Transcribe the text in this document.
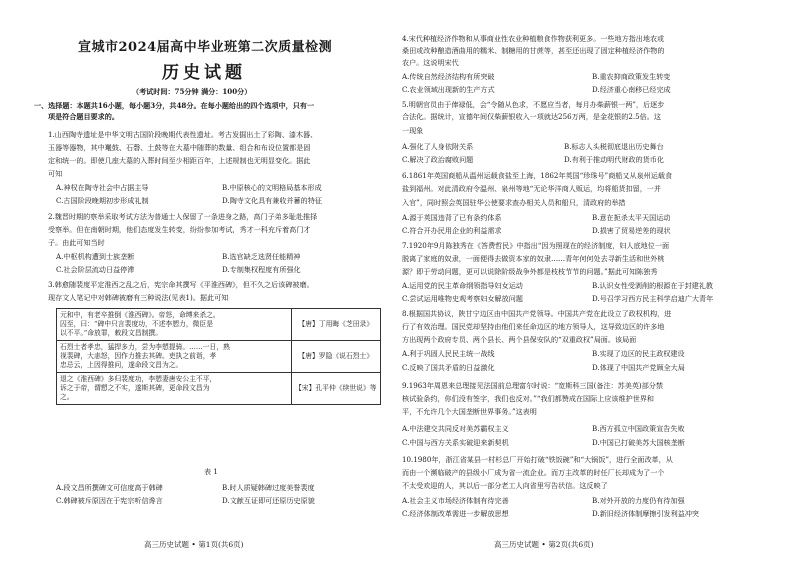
宣城市2024届高中毕业班第二次质量检测
历史试题
（考试时间：75分钟 满分：100分）
一、选择题：本题共16小题，每小题3分，共48分。在每小题给出的四个选项中，只有一
项是符合题目要求的。
1.山西陶寺遗址是中华文明古国阶段晚期代表性遗址。考古发掘出土了彩陶、漆木器、
玉器等器物，其中鼍鼓、石磬、土鼓等在大墓中随葬的数量、组合和布设位置都是固
定和统一的。即使几座大墓的入葬时间至少相距百年，上述规制也无明显变化。据此
可知
A.神权在陶寺社会中占据主导	B.中原核心的文明格局基本形成
C.古国阶段晚期初步形成礼制	D.陶寺文化具有兼收并蓄的特征
2.魏晋时期的察举采取考试方法为普通士人保留了一条进身之路，高门子弟多耻赴推择
受察举。但在南朝时期，他们态度发生转变，纷纷参加考试，秀才一科充斥着高门才
子。由此可知当时
A.中枢机构遭到士族垄断	B.选官缺乏选贤任能精神
C.社会阶层流动日益停滞	D.专制集权程度有所强化
3.韩愈随裴度平定淮西之乱之后，宪宗命其撰写《平淮西碑》，但不久之后该碑被磨。
现存文人笔记中对韩碑被磨有三种说法(见表1)。据此可知
元和中，有老卒推倒《淮西碑》。帝怒，命缚来杀之。
囚至，曰：“碑中只言裴度功，不述李愬力，微臣是
以不平。”命放罪，敕段文昌制撰。	【唐】丁用晦《芝田录》

石烈士者孝忠，猛捍多力，尝为李愬提骑。……一日，熟
视裴碑，大恚怒，因作力推去其碑。吏执之前诣，孝
忠忌云，上因得推问，遂命段文昌为之。	【唐】罗隐《说石烈士》

退之《淮西碑》多归裴度功，李愬妻唐安公主不平，
诉之于帝，谓愬之不实，遂斯其碑，更命段文昌为
之。	【宋】孔平仲《续世说》等
表 1
A.段文昌所撰碑文可信度高于韩碑	B.时人质疑韩碑过度美誉裴度
C.韩碑被斥原因在于宪宗听信谗言	D.文献互证即可还原历史原貌
高三历史试题 • 第1页(共6页)
4.宋代种植经济作物和从事商业性农业种植粮食作物获利更多。一些地方指出地农或
桑田或改种酿造酒曲用的糯米、制糖用的甘蔗等，甚至还出现了固定种植经济作物的
农户。这说明宋代
A.传统自然经济结构有所突破	B.重农抑商政策发生转变
C.农业领域出现新的生产方式	D.经济重心南移已经完成
5.明朝官员由于俸禄低，会“令随从色求，不愿应当者，每月办柴薪银一两”，后逐步
合法化。据统计，宣德年间仅柴薪银收入一项就达256万两，是金花银的2.5倍。这
一现象
A.强化了人身依附关系	B.标志人头税彻底退出历史舞台
C.解决了政治腐败问题	D.有利于推动明代财政的货币化
6.1861年英国商船从温州运载食盐至上海，1862年英国“珍珠号”商船又从泉州运载食
盐到福州。对此清政府令温州、泉州等地“无论华洋商人贩运，均将船货扣留，一并
入官”，同时照会英国驻华公使要求查办相关人员和船只，清政府的举措
A.源于英国违背了已有条约体系	B.意在扼杀太平天国运动
C.符合开办民用企业的利益需求	D.损害了贸易逆差的现状
7.1920年9月陈独秀在《答费哲民》中指出“因为照现在的经济制度，妇人底地位一面
脱离了家庭的奴隶，一面便得去做资本家的奴隶……青年何何处去寻新生活和世外桃
源？即于劳动问题，更可以说除阶级战争外都是枝枝节节的问题。”据此可知陈独秀
A.运用党的民主革命纲领指导妇女运动	B.认识女性受剥削的根源在于封建礼教
C.尝试运用唯物史观考察妇女解放问题	D.号召学习西方民主科学启迪广大青年
8.根据国共协议，陕甘宁边区由中国共产党领导。中国共产党在此设立了政权机构，进
行了有效治理。国民党却坚持由他们来任命边区的地方领导人，这导致边区的许多地
方出现两个政府专员、两个县长、两个县保安队的“双重政权”局面。该局面
A.利于巩固人民民主统一战线	B.实现了边区的民主政权建设
C.反映了国共矛盾的日益激化	D.体现了中国共产党顾全大局
9.1963年周恩来总理接见法国前总理富尔时说：“宽斯科三国(备注：苏美英)部分禁
核试验条约，你们没有签字，我们也反对。”“我们都赞成在国际上应该维护世界和
平，不允许几个大国垄断世界事务。”这表明
A.中法建交共同反对美苏霸权主义	B.西方孤立中国政策宣告失败
C.中国与西方关系实破迎来新契机	D.中国已打破美苏大国核垄断
10.1980年，浙江省某县一村杉总厂开始打破“铁饭碗”和“大锅饭”，进行全面改革，从
而由一个濒临破产的县级小厂成为省一流企业。而万主改革的时任厂长却成为了一个
不太受欢迎的人，其以后一部分老工人向省里写告状信。这反映了
A.社会主义市场经济体制有待完善	B.对外开放的力度仍有待加强
C.经济体制改革需进一步解放思想	D.新旧经济体制摩擦引发利益冲突
高三历史试题 • 第2页(共6页)
